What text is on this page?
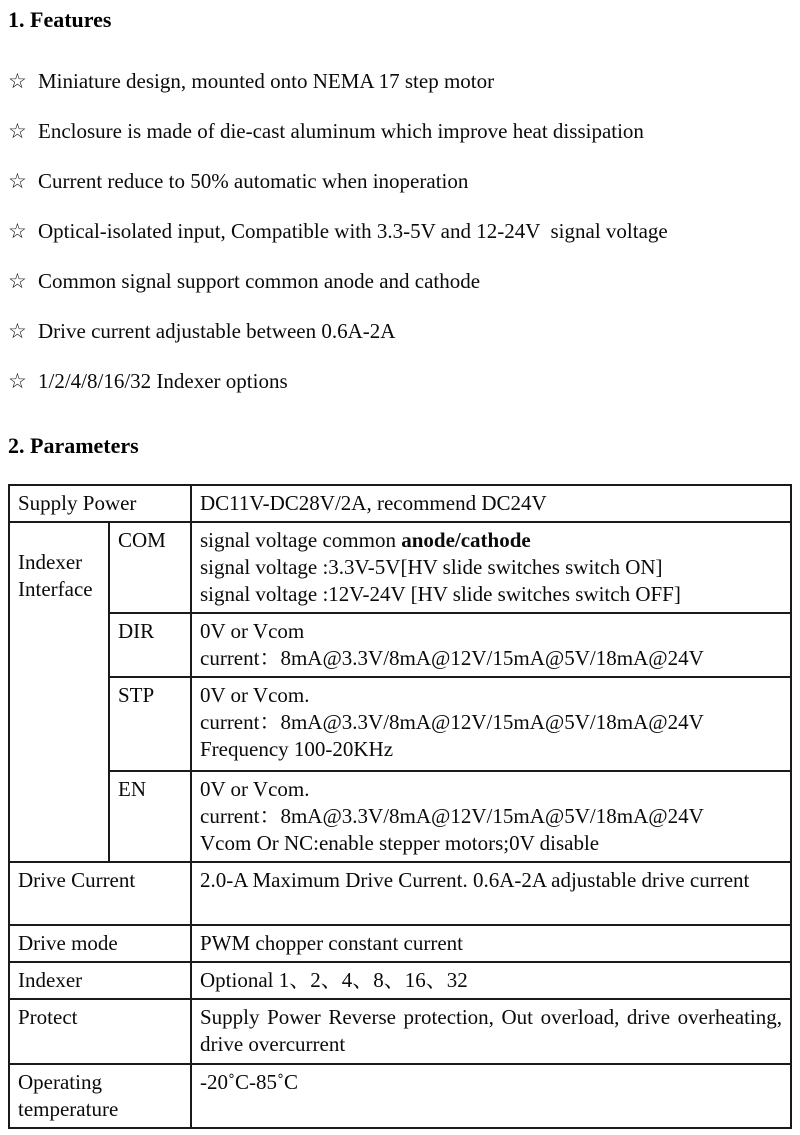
1. Features
☆ Miniature design, mounted onto NEMA 17 step motor
☆ Enclosure is made of die-cast aluminum which improve heat dissipation
☆ Current reduce to 50% automatic when inoperation
☆ Optical-isolated input, Compatible with 3.3-5V and 12-24V  signal voltage
☆ Common signal support common anode and cathode
☆ Drive current adjustable between 0.6A-2A
☆ 1/2/4/8/16/32 Indexer options
2. Parameters
Supply Power		DC11V-DC28V/2A, recommend DC24V
Indexer Interface	COM	signal voltage common anode/cathode
signal voltage :3.3V-5V[HV slide switches switch ON]
signal voltage :12V-24V [HV slide switches switch OFF]

	DIR	0V or Vcom
current：8mA@3.3V/8mA@12V/15mA@5V/18mA@24V

	STP	0V or Vcom.
current：8mA@3.3V/8mA@12V/15mA@5V/18mA@24V
Frequency 100-20KHz

	EN	0V or Vcom.
current：8mA@3.3V/8mA@12V/15mA@5V/18mA@24V
Vcom Or NC:enable stepper motors;0V disable

Drive Current		2.0-A Maximum Drive Current. 0.6A-2A adjustable drive current
Drive mode		PWM chopper constant current
Indexer		Optional 1、2、4、8、16、32
Protect		Supply Power Reverse protection, Out overload, drive overheating, drive overcurrent
Operating temperature		-20˚C-85˚C
